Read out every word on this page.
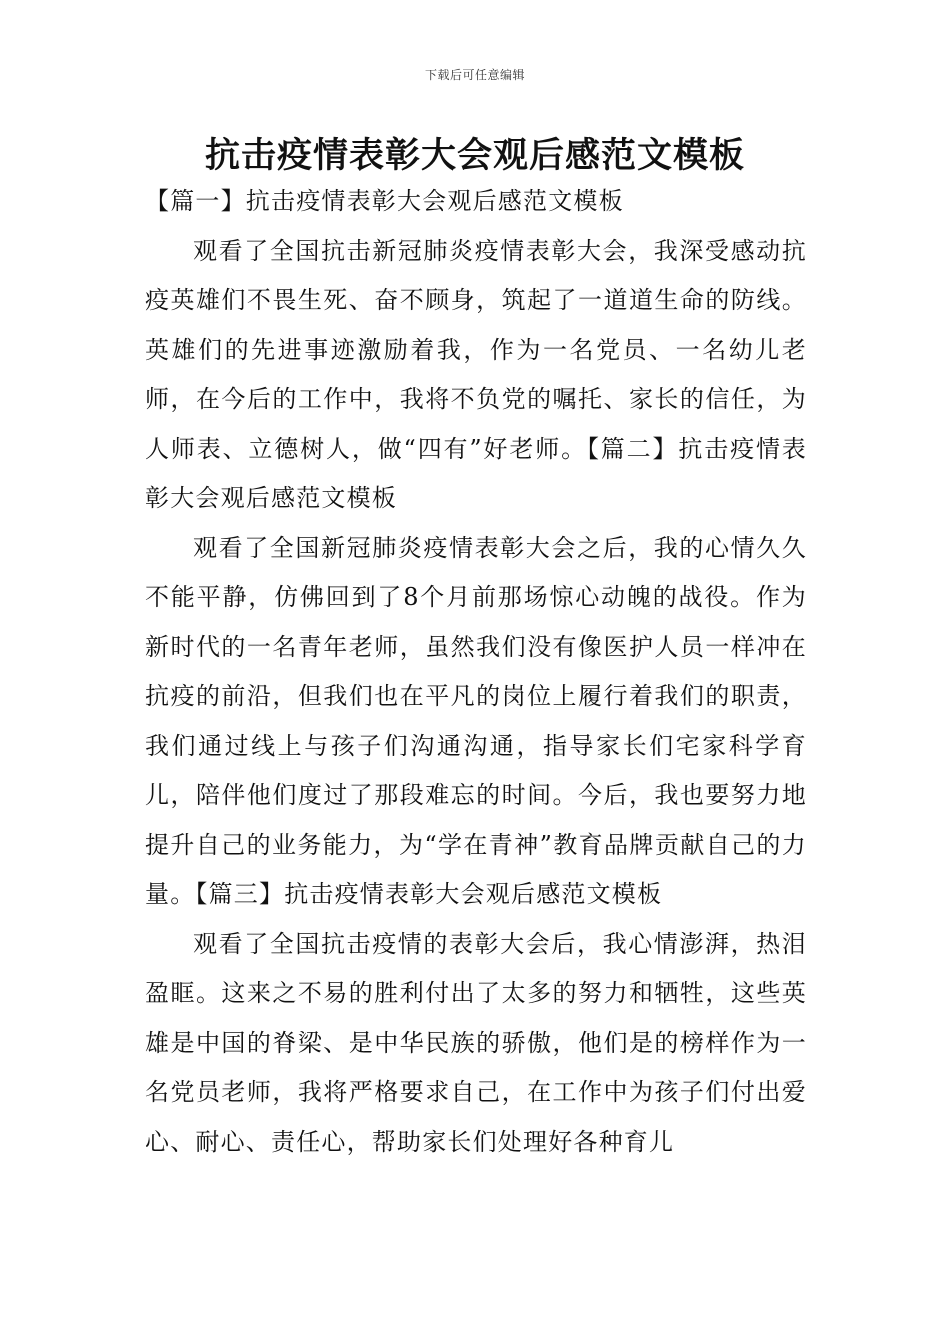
下载后可任意编辑
抗击疫情表彰大会观后感范文模板

【篇一】抗击疫情表彰大会观后感范文模板

观看了全国抗击新冠肺炎疫情表彰大会，我深受感动抗疫英雄们不畏生死、奋不顾身，筑起了一道道生命的防线。英雄们的先进事迹激励着我，作为一名党员、一名幼儿老师，在今后的工作中，我将不负党的嘱托、家长的信任，为人师表、立德树人，做“四有”好老师。【篇二】抗击疫情表彰大会观后感范文模板

观看了全国新冠肺炎疫情表彰大会之后，我的心情久久不能平静，仿佛回到了8个月前那场惊心动魄的战役。作为新时代的一名青年老师，虽然我们没有像医护人员一样冲在抗疫的前沿，但我们也在平凡的岗位上履行着我们的职责，我们通过线上与孩子们沟通沟通，指导家长们宅家科学育儿，陪伴他们度过了那段难忘的时间。今后，我也要努力地提升自己的业务能力，为“学在青神”教育品牌贡献自己的力量。【篇三】抗击疫情表彰大会观后感范文模板

观看了全国抗击疫情的表彰大会后，我心情澎湃，热泪盈眶。这来之不易的胜利付出了太多的努力和牺牲，这些英雄是中国的脊梁、是中华民族的骄傲，他们是的榜样作为一名党员老师，我将严格要求自己，在工作中为孩子们付出爱心、耐心、责任心，帮助家长们处理好各种育儿
